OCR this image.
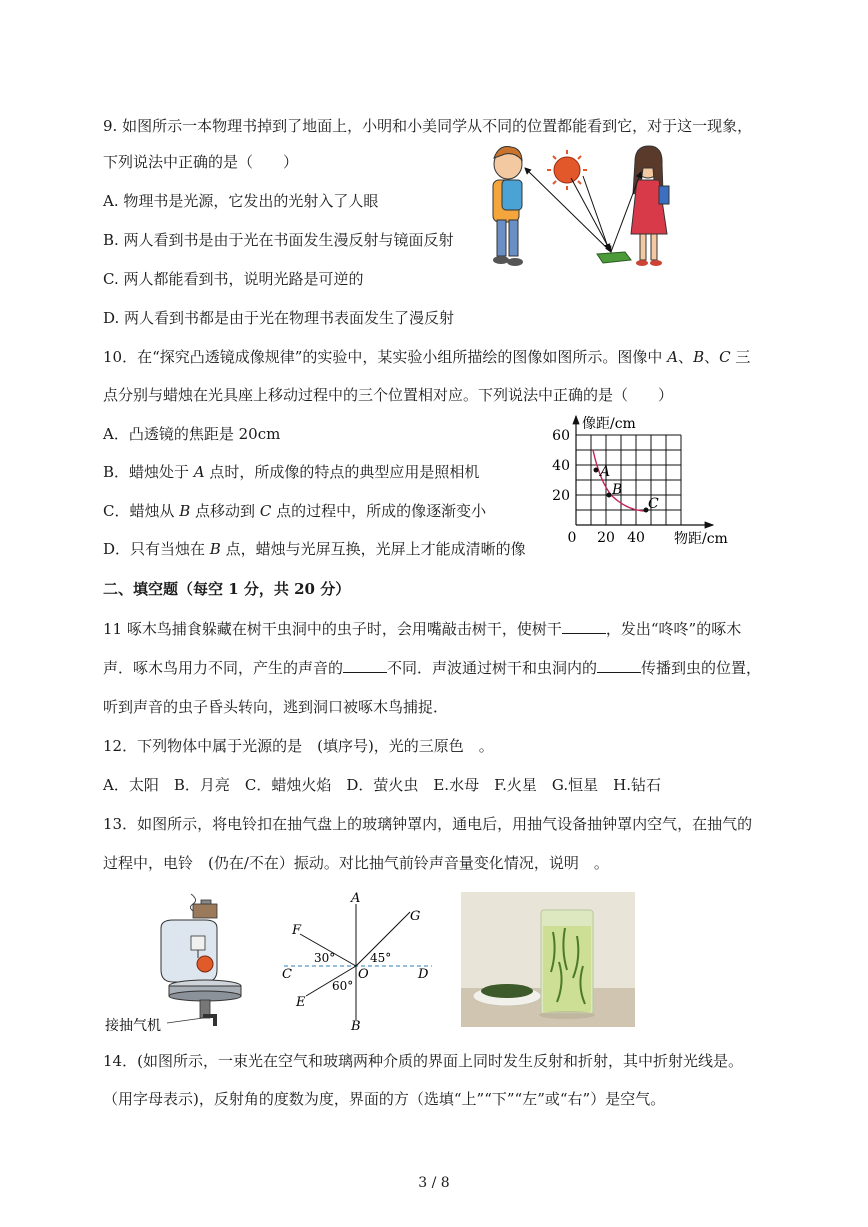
9. 如图所示一本物理书掉到了地面上，小明和小美同学从不同的位置都能看到它，对于这一现象，
下列说法中正确的是（　　）
A. 物理书是光源，它发出的光射入了人眼
B. 两人看到书是由于光在书面发生漫反射与镜面反射
C. 两人都能看到书，说明光路是可逆的
D. 两人看到书都是由于光在物理书表面发生了漫反射
10．在“探究凸透镜成像规律”的实验中，某实验小组所描绘的图像如图所示。图像中 A、B、C 三
点分别与蜡烛在光具座上移动过程中的三个位置相对应。下列说法中正确的是（　　）
A．凸透镜的焦距是 20cm
B．蜡烛处于 A 点时，所成像的特点的典型应用是照相机
C．蜡烛从 B 点移动到 C 点的过程中，所成的像逐渐变小
D．只有当烛在 B 点，蜡烛与光屏互换，光屏上才能成清晰的像
A
B
C
像距/cm
物距/cm
60
40
20
0 20 40
二、填空题（每空 1 分，共 20 分）
11 啄木鸟捕食躲藏在树干虫洞中的虫子时，会用嘴敲击树干，使树干	，发出“咚咚”的啄木
声．啄木鸟用力不同，产生的声音的	不同．声波通过树干和虫洞内的	传播到虫的位置，
听到声音的虫子昏头转向，逃到洞口被啄木鸟捕捉．
12．下列物体中属于光源的是　(填序号)，光的三原色　。
A．太阳　B．月亮　C．蜡烛火焰　D．萤火虫　E.水母　F.火星　G.恒星　H.钻石
13．如图所示，将电铃扣在抽气盘上的玻璃钟罩内，通电后，用抽气设备抽钟罩内空气，在抽气的
过程中，电铃　(仍在/不在）振动。对比抽气前铃声音量变化情况，说明　。
接抽气机
A
B
C	D
E
F
G
O
30°	45°
60°
14．(如图所示，一束光在空气和玻璃两种介质的界面上同时发生反射和折射，其中折射光线是。
（用字母表示)，反射角的度数为度，界面的方（选填“上”“下”“左”或“右”）是空气。
3 / 8
